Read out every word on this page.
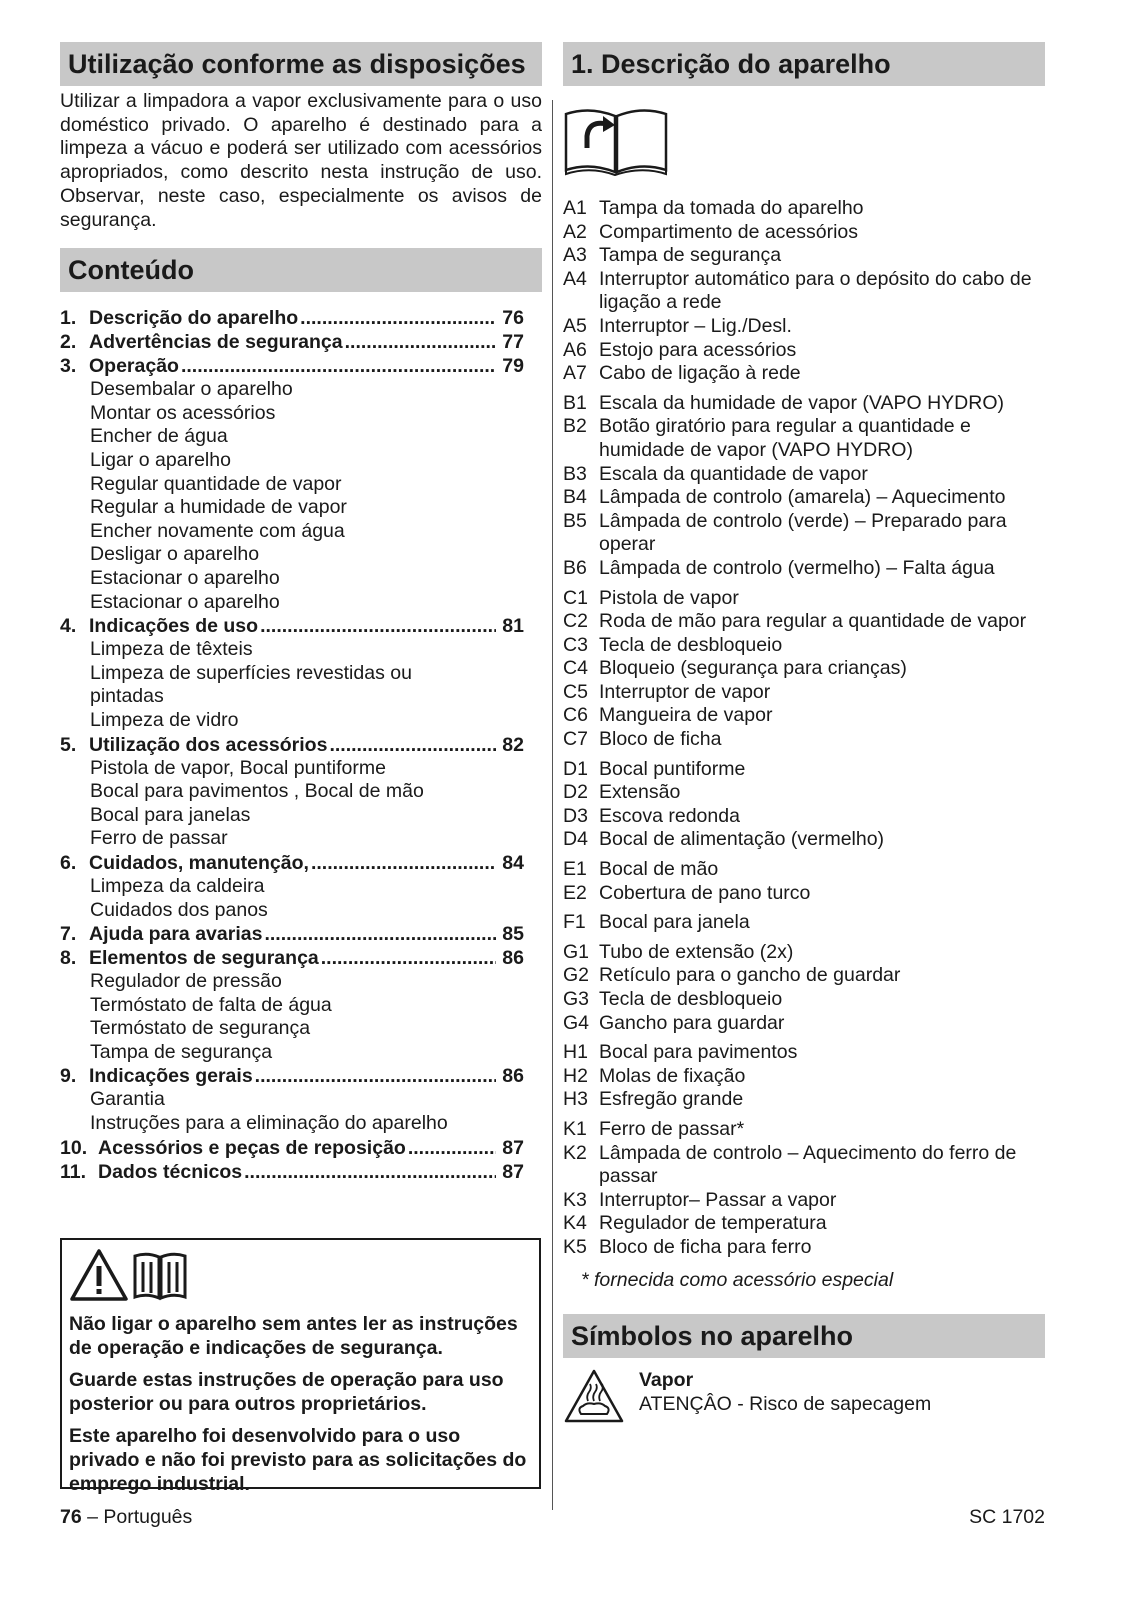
Utilização conforme as disposições

Utilizar a limpadora a vapor exclusivamente para o uso doméstico privado. O aparelho é destinado para a limpeza a vácuo e poderá ser utilizado com acessórios apropriados, como descrito nesta instrução de uso. Observar, neste caso, especialmente os avisos de segurança.

Conteúdo
1. Descrição do aparelho .....	76
2. Advertências de segurança .....	77
3. Operação .....	79
Desembalar o aparelho
Montar os acessórios
Encher de água
Ligar o aparelho
Regular quantidade de vapor
Regular a humidade de vapor
Encher novamente com água
Desligar o aparelho
Estacionar o aparelho
Estacionar o aparelho
4. Indicações de uso .....	81
Limpeza de têxteis
Limpeza de superfícies revestidas ou
pintadas
Limpeza de vidro
5. Utilização dos acessórios .....	82
Pistola de vapor, Bocal puntiforme
Bocal para pavimentos , Bocal de mão
Bocal para janelas
Ferro de passar
6. Cuidados, manutenção, .....	84
Limpeza da caldeira
Cuidados dos panos
7. Ajuda para avarias .....	85
8. Elementos de segurança .....	86
Regulador de pressão
Termóstato de falta de água
Termóstato de segurança
Tampa de segurança
9. Indicações gerais .....	86
Garantia
Instruções para a eliminação do aparelho
10. Acessórios e peças de reposição .....	87
11. Dados técnicos .....	87

Não ligar o aparelho sem antes ler as instruções de operação e indicações de segurança.

Guarde estas instruções de operação para uso posterior ou para outros proprietários.

Este aparelho foi desenvolvido para o uso privado e não foi previsto para as solicitações do emprego industrial.

1. Descrição do aparelho
A1 Tampa da tomada do aparelho
A2 Compartimento de acessórios
A3 Tampa de segurança
A4 Interruptor automático para o depósito do cabo de ligação a rede
A5 Interruptor – Lig./Desl.
A6 Estojo para acessórios
A7 Cabo de ligação à rede
B1 Escala da humidade de vapor (VAPO HYDRO)
B2 Botão giratório para regular a quantidade e humidade de vapor (VAPO HYDRO)
B3 Escala da quantidade de vapor
B4 Lâmpada de controlo (amarela) – Aquecimento
B5 Lâmpada de controlo (verde) – Preparado para operar
B6 Lâmpada de controlo (vermelho) – Falta água
C1 Pistola de vapor
C2 Roda de mão para regular a quantidade de vapor
C3 Tecla de desbloqueio
C4 Bloqueio (segurança para crianças)
C5 Interruptor de vapor
C6 Mangueira de vapor
C7 Bloco de ficha
D1 Bocal puntiforme
D2 Extensão
D3 Escova redonda
D4 Bocal de alimentação (vermelho)
E1 Bocal de mão
E2 Cobertura de pano turco
F1 Bocal para janela
G1 Tubo de extensão (2x)
G2 Retículo para o gancho de guardar
G3 Tecla de desbloqueio
G4 Gancho para guardar
H1 Bocal para pavimentos
H2 Molas de fixação
H3 Esfregão grande
K1 Ferro de passar*
K2 Lâmpada de controlo – Aquecimento do ferro de passar
K3 Interruptor– Passar a vapor
K4 Regulador de temperatura
K5 Bloco de ficha para ferro

* fornecida como acessório especial

Símbolos no aparelho
Vapor
ATENÇÂO - Risco de sapecagem
76 – Português	SC 1702
